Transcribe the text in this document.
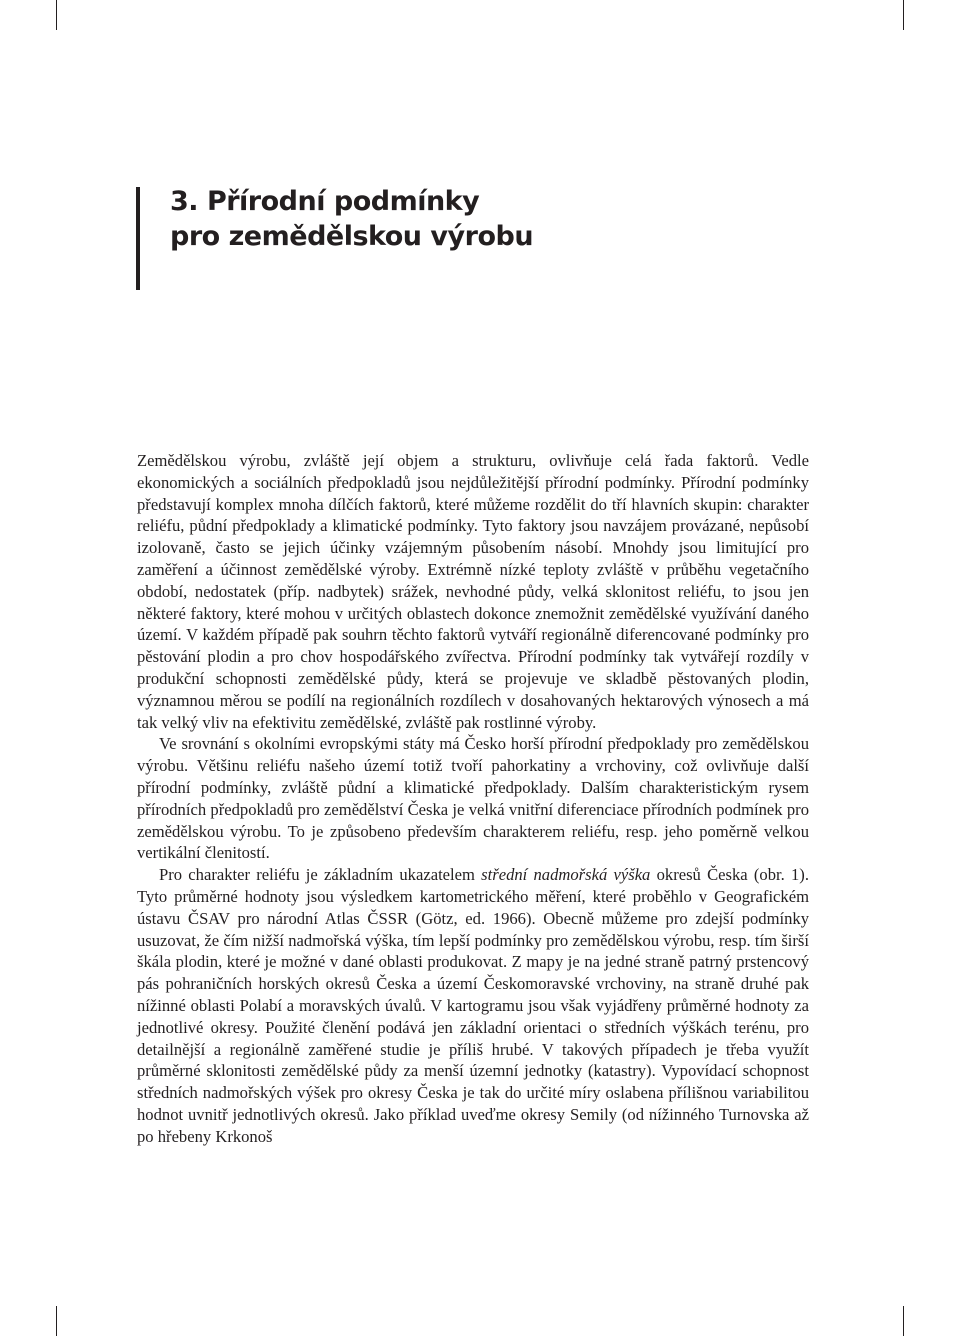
3. Přírodní podmínky
pro zemědělskou výrobu

Zemědělskou výrobu, zvláště její objem a strukturu, ovlivňuje celá řada faktorů. Vedle ekonomických a sociálních předpokladů jsou nejdůležitější přírodní podmínky. Přírodní podmínky představují komplex mnoha dílčích faktorů, které můžeme rozdělit do tří hlavních skupin: charakter reliéfu, půdní předpoklady a klimatické podmínky. Tyto faktory jsou navzájem provázané, nepůsobí izolovaně, často se jejich účinky vzájemným působením násobí. Mnohdy jsou limitující pro zaměření a účinnost zemědělské výroby. Extrémně nízké teploty zvláště v průběhu vegetačního období, nedostatek (příp. nadbytek) srážek, nevhodné půdy, velká sklonitost reliéfu, to jsou jen některé faktory, které mohou v určitých oblastech dokonce znemožnit zemědělské využívání daného území. V každém případě pak souhrn těchto faktorů vytváří regionálně diferencované podmínky pro pěstování plodin a pro chov hospodářského zvířectva. Přírodní podmínky tak vytvářejí rozdíly v produkční schopnosti zemědělské půdy, která se projevuje ve skladbě pěstovaných plodin, významnou měrou se podílí na regionálních rozdílech v dosahovaných hektarových výnosech a má tak velký vliv na efektivitu zemědělské, zvláště pak rostlinné výroby.

Ve srovnání s okolními evropskými státy má Česko horší přírodní předpoklady pro zemědělskou výrobu. Většinu reliéfu našeho území totiž tvoří pahorkatiny a vrchoviny, což ovlivňuje další přírodní podmínky, zvláště půdní a klimatické předpoklady. Dalším charakteristickým rysem přírodních předpokladů pro zemědělství Česka je velká vnitřní diferenciace přírodních podmínek pro zemědělskou výrobu. To je způsobeno především charakterem reliéfu, resp. jeho poměrně velkou vertikální členitostí.

Pro charakter reliéfu je základním ukazatelem střední nadmořská výška okresů Česka (obr. 1). Tyto průměrné hodnoty jsou výsledkem kartometrického měření, které proběhlo v Geografickém ústavu ČSAV pro národní Atlas ČSSR (Götz, ed. 1966). Obecně můžeme pro zdejší podmínky usuzovat, že čím nižší nadmořská výška, tím lepší podmínky pro zemědělskou výrobu, resp. tím širší škála plodin, které je možné v dané oblasti produkovat. Z mapy je na jedné straně patrný prstencový pás pohraničních horských okresů Česka a území Českomoravské vrchoviny, na straně druhé pak nížinné oblasti Polabí a moravských úvalů. V kartogramu jsou však vyjádřeny průměrné hodnoty za jednotlivé okresy. Použité členění podává jen základní orientaci o středních výškách terénu, pro detailnější a regionálně zaměřené studie je příliš hrubé. V takových případech je třeba využít průměrné sklonitosti zemědělské půdy za menší územní jednotky (katastry). Vypovídací schopnost středních nadmořských výšek pro okresy Česka je tak do určité míry oslabena přílišnou variabilitou hodnot uvnitř jednotlivých okresů. Jako příklad uveďme okresy Semily (od nížinného Turnovska až po hřebeny Krkonoš
